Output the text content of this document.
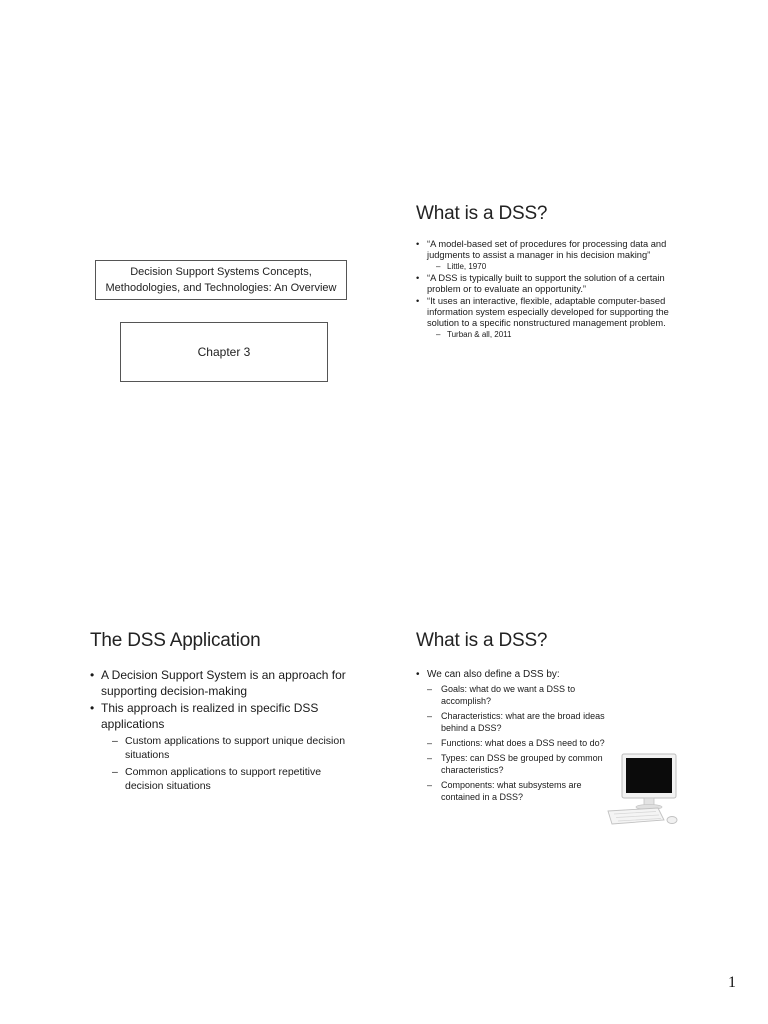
Decision Support Systems Concepts, Methodologies, and Technologies: An Overview
Chapter 3
What is a DSS?
• “A model-based set of procedures for processing data and judgments to assist a manager in his decision making”
– Little, 1970
• “A DSS is typically built to support the solution of a certain problem or to evaluate an opportunity.”
• “It uses an interactive, flexible, adaptable computer-based information system especially developed for supporting the solution to a specific nonstructured management problem.
– Turban & all, 2011
The DSS Application
• A Decision Support System is an approach for supporting decision-making
• This approach is realized in specific DSS applications
– Custom applications to support unique decision situations
– Common applications to support repetitive decision situations
What is a DSS?
• We can also define a DSS by:
– Goals: what do we want a DSS to accomplish?
– Characteristics: what are the broad ideas behind a DSS?
– Functions: what does a DSS need to do?
– Types: can DSS be grouped by common characteristics?
– Components: what subsystems are contained in a DSS?
1
